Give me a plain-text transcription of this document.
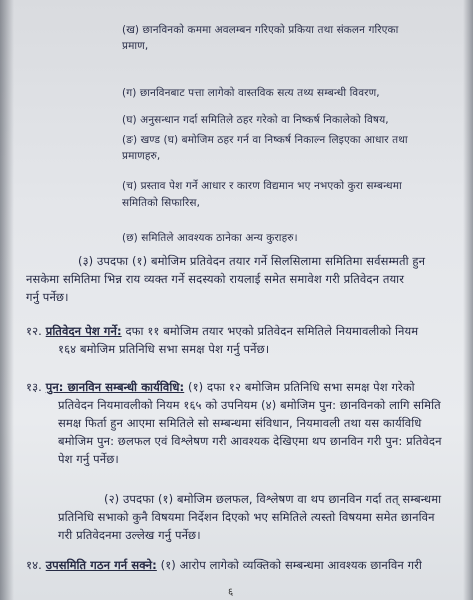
(ख) छानविनको कममा अवलम्बन गरिएको प्रकिया तथा संकलन गरिएका

प्रमाण,

(ग) छानविनबाट पत्ता लागेको वास्तविक सत्य तथ्य सम्बन्धी विवरण,

(घ) अनुसन्धान गर्दा समितिले ठहर गरेको वा निष्कर्ष निकालेको विषय,

(ङ) खण्ड (घ) बमोजिम ठहर गर्न वा निष्कर्ष निकाल्न लिइएका आधार तथा

प्रमाणहरु,

(च) प्रस्ताव पेश गर्ने आधार र कारण विद्यमान भए नभएको कुरा सम्बन्धमा

समितिको सिफारिस,

(छ) समितिले आवश्यक ठानेका अन्य कुराहरु।

(३) उपदफा (१) बमोजिम प्रतिवेदन तयार गर्ने सिलसिलामा समितिमा सर्वसम्मती हुन

नसकेमा समितिमा भिन्न राय व्यक्त गर्ने सदस्यको रायलाई समेत समावेश गरी प्रतिवेदन तयार

गर्नु पर्नेछ।

१२. प्रतिवेदन पेश गर्ने: दफा ११ बमोजिम तयार भएको प्रतिवेदन समितिले नियमावलीको नियम

१६४ बमोजिम प्रतिनिधि सभा समक्ष पेश गर्नु पर्नेछ।

१३. पुन: छानविन सम्बन्धी कार्यविधि: (१) दफा १२ बमोजिम प्रतिनिधि सभा समक्ष पेश गरेको

प्रतिवेदन नियमावलीको नियम १६५ को उपनियम (४) बमोजिम पुन: छानविनको लागि समिति

समक्ष फिर्ता हुन आएमा समितिले सो सम्बन्धमा संविधान, नियमावली तथा यस कार्यविधि

बमोजिम पुन: छलफल एवं विश्लेषण गरी आवश्यक देखिएमा थप छानविन गरी पुन: प्रतिवेदन

पेश गर्नु पर्नेछ।

(२) उपदफा (१) बमोजिम छलफल, विश्लेषण वा थप छानविन गर्दा तत् सम्बन्धमा

प्रतिनिधि सभाको कुनै विषयमा निर्देशन दिएको भए समितिले त्यस्तो विषयमा समेत छानविन

गरी प्रतिवेदनमा उल्लेख गर्नु पर्नेछ।

१४. उपसमिति गठन गर्न सक्ने: (१) आरोप लागेको व्यक्तिको सम्बन्धमा आवश्यक छानविन गरी

६
